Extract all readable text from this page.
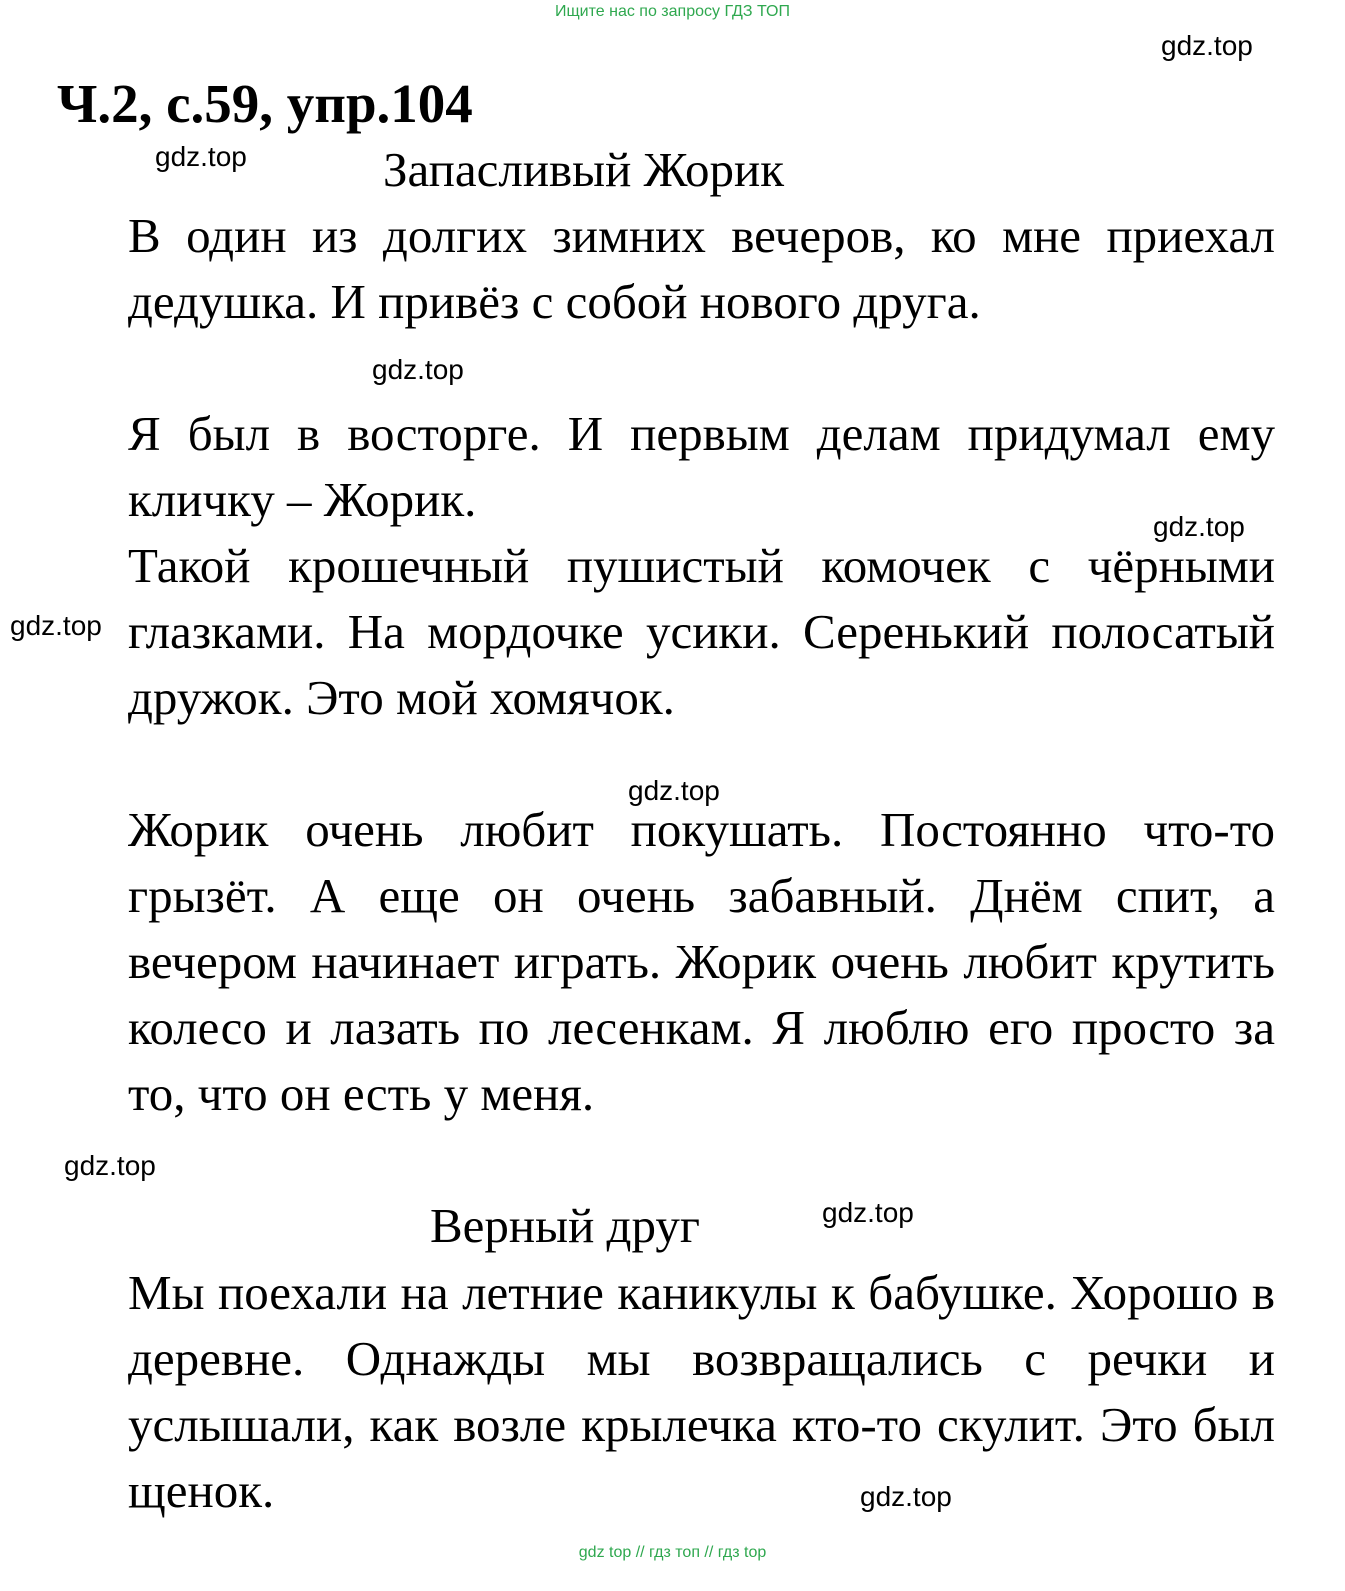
Ищите нас по запросу ГДЗ ТОП
gdz.top
Ч.2, с.59, упр.104
gdz.top	Запасливый Жорик

В один из долгих зимних вечеров, ко мне приехал дедушка. И привёз с собой нового друга.

gdz.top

Я был в восторге. И первым делам придумал ему кличку – Жорик.	gdz.top

Такой крошечный пушистый комочек с чёрными глазками. На мордочке усики. Серенький полосатый дружок. Это мой хомячок.

gdz.top
gdz.top

Жорик очень любит покушать. Постоянно что-то грызёт. А еще он очень забавный. Днём спит, а вечером начинает играть. Жорик очень любит крутить колесо и лазать по лесенкам. Я люблю его просто за то, что он есть у меня.

gdz.top
Верный друг	gdz.top

Мы поехали на летние каникулы к бабушке. Хорошо в деревне. Однажды мы возвращались с речки и услышали, как возле крылечка кто-то скулит. Это был щенок.	gdz.top
gdz top // гдз топ // гдз top
